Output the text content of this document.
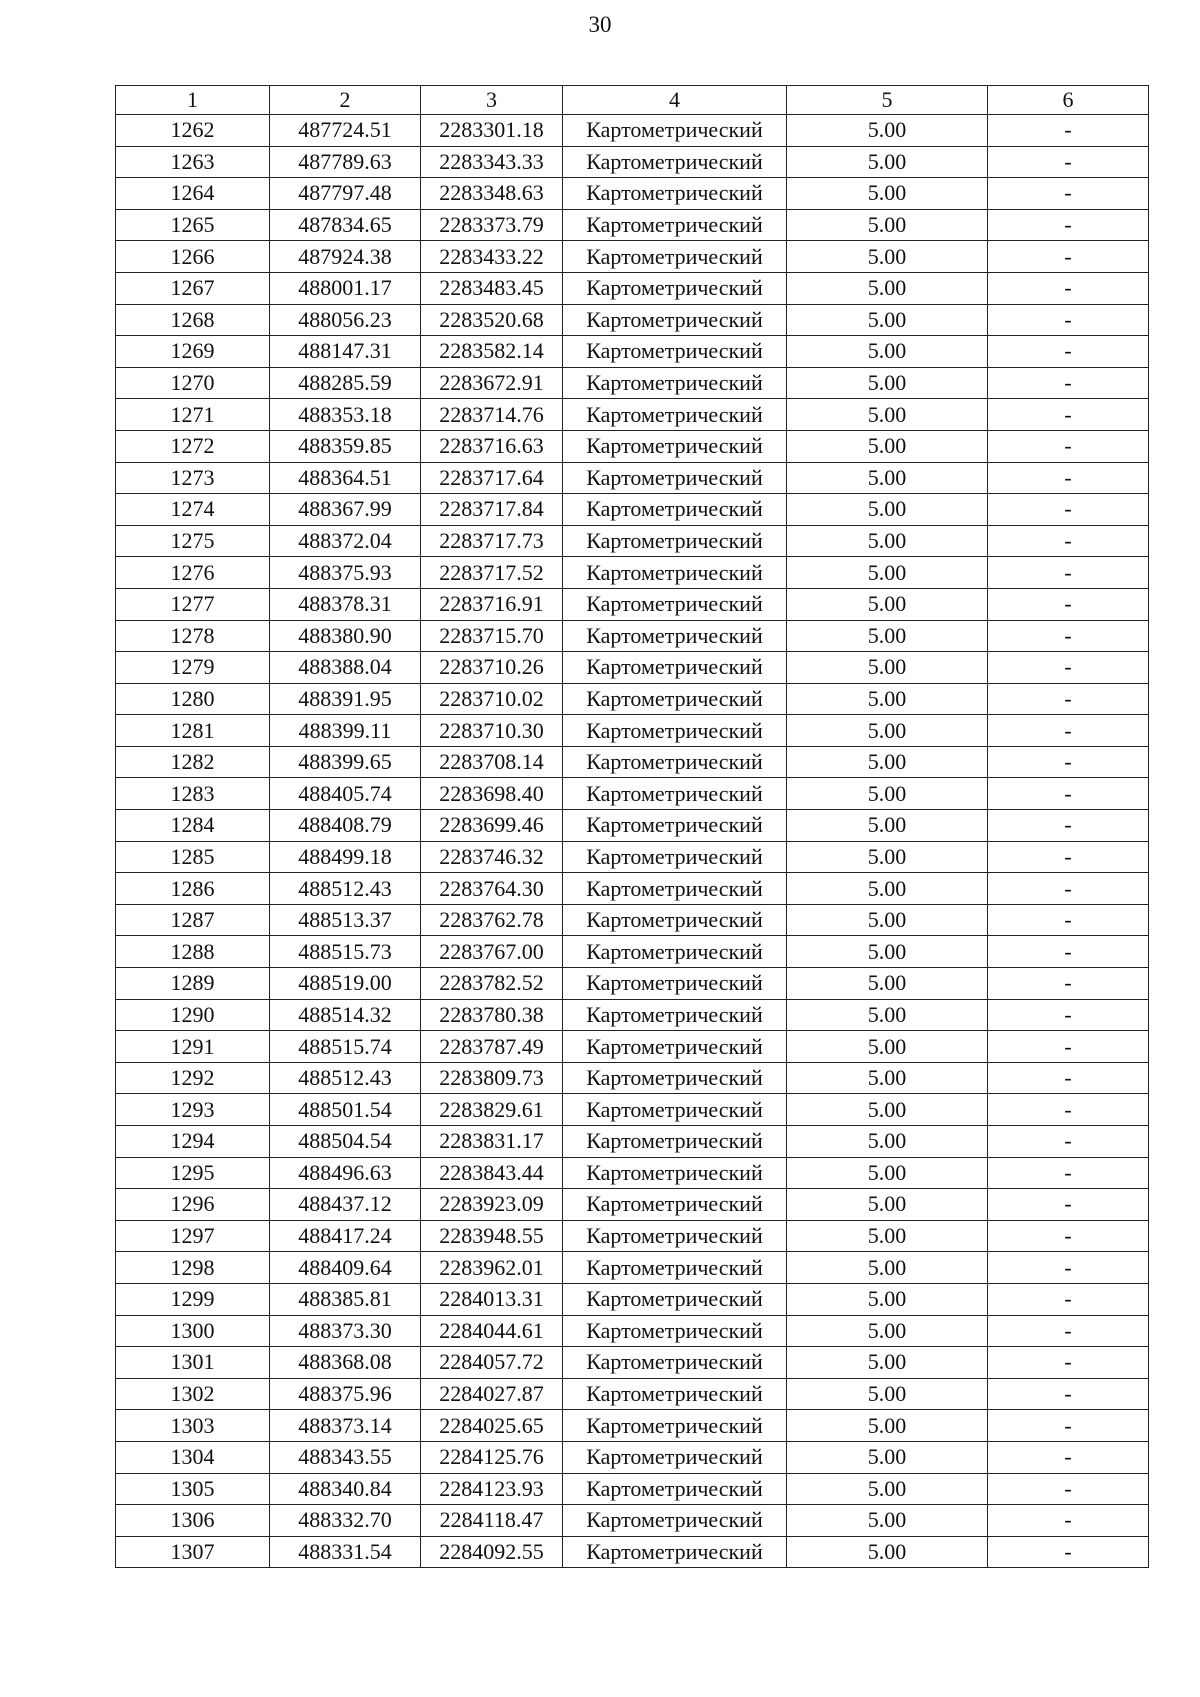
30
1	2	3	4	5	6
1262	487724.51	2283301.18	Картометрический	5.00	-
1263	487789.63	2283343.33	Картометрический	5.00	-
1264	487797.48	2283348.63	Картометрический	5.00	-
1265	487834.65	2283373.79	Картометрический	5.00	-
1266	487924.38	2283433.22	Картометрический	5.00	-
1267	488001.17	2283483.45	Картометрический	5.00	-
1268	488056.23	2283520.68	Картометрический	5.00	-
1269	488147.31	2283582.14	Картометрический	5.00	-
1270	488285.59	2283672.91	Картометрический	5.00	-
1271	488353.18	2283714.76	Картометрический	5.00	-
1272	488359.85	2283716.63	Картометрический	5.00	-
1273	488364.51	2283717.64	Картометрический	5.00	-
1274	488367.99	2283717.84	Картометрический	5.00	-
1275	488372.04	2283717.73	Картометрический	5.00	-
1276	488375.93	2283717.52	Картометрический	5.00	-
1277	488378.31	2283716.91	Картометрический	5.00	-
1278	488380.90	2283715.70	Картометрический	5.00	-
1279	488388.04	2283710.26	Картометрический	5.00	-
1280	488391.95	2283710.02	Картометрический	5.00	-
1281	488399.11	2283710.30	Картометрический	5.00	-
1282	488399.65	2283708.14	Картометрический	5.00	-
1283	488405.74	2283698.40	Картометрический	5.00	-
1284	488408.79	2283699.46	Картометрический	5.00	-
1285	488499.18	2283746.32	Картометрический	5.00	-
1286	488512.43	2283764.30	Картометрический	5.00	-
1287	488513.37	2283762.78	Картометрический	5.00	-
1288	488515.73	2283767.00	Картометрический	5.00	-
1289	488519.00	2283782.52	Картометрический	5.00	-
1290	488514.32	2283780.38	Картометрический	5.00	-
1291	488515.74	2283787.49	Картометрический	5.00	-
1292	488512.43	2283809.73	Картометрический	5.00	-
1293	488501.54	2283829.61	Картометрический	5.00	-
1294	488504.54	2283831.17	Картометрический	5.00	-
1295	488496.63	2283843.44	Картометрический	5.00	-
1296	488437.12	2283923.09	Картометрический	5.00	-
1297	488417.24	2283948.55	Картометрический	5.00	-
1298	488409.64	2283962.01	Картометрический	5.00	-
1299	488385.81	2284013.31	Картометрический	5.00	-
1300	488373.30	2284044.61	Картометрический	5.00	-
1301	488368.08	2284057.72	Картометрический	5.00	-
1302	488375.96	2284027.87	Картометрический	5.00	-
1303	488373.14	2284025.65	Картометрический	5.00	-
1304	488343.55	2284125.76	Картометрический	5.00	-
1305	488340.84	2284123.93	Картометрический	5.00	-
1306	488332.70	2284118.47	Картометрический	5.00	-
1307	488331.54	2284092.55	Картометрический	5.00	-
